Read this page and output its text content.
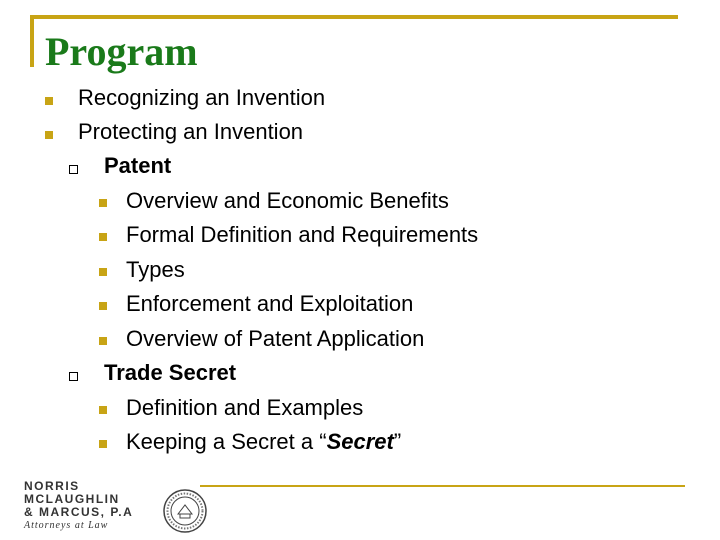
Program
Recognizing an Invention
Protecting an Invention
Patent
Overview and Economic Benefits
Formal Definition and Requirements
Types
Enforcement and Exploitation
Overview of Patent Application
Trade Secret
Definition and Examples
Keeping a Secret a “Secret”
NORRIS
MCLAUGHLIN
& MARCUS, P.A
Attorneys at Law
